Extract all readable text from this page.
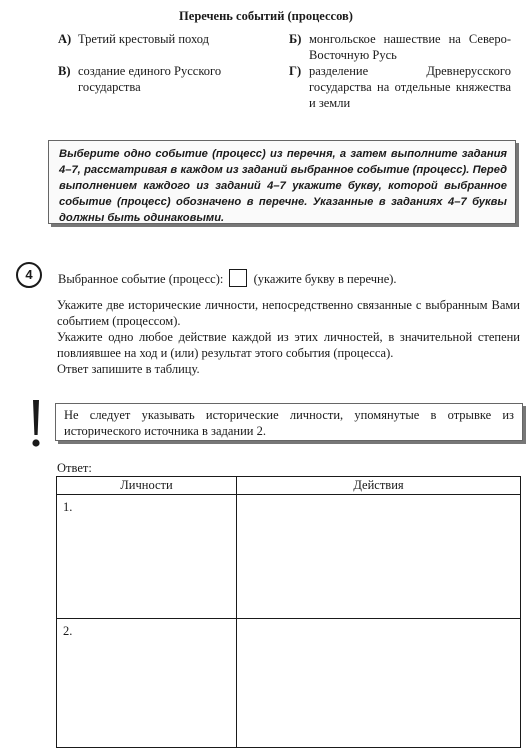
Перечень событий (процессов)
А) Третий крестовый поход	Б) монгольское нашествие на Северо-Восточную Русь
В) создание единого Русского государства
Г) разделение Древнерусского государства на отдельные княжества и земли
Выберите одно событие (процесс) из перечня, а затем выполните задания 4–7, рассматривая в каждом из заданий выбранное событие (процесс). Перед выполнением каждого из заданий 4–7 укажите букву, которой выбранное событие (процесс) обозначено в перечне. Указанные в заданиях 4–7 буквы должны быть одинаковыми.
4	Выбранное событие (процесс): (укажите букву в перечне).

Укажите две исторические личности, непосредственно связанные с выбранным Вами событием (процессом).

Укажите одно любое действие каждой из этих личностей, в значительной степени повлиявшее на ход и (или) результат этого события (процесса).

Ответ запишите в таблицу.

Не следует указывать исторические личности, упомянутые в отрывке из исторического источника в задании 2.
Ответ:
Личности	Действия
1.	
2.	
